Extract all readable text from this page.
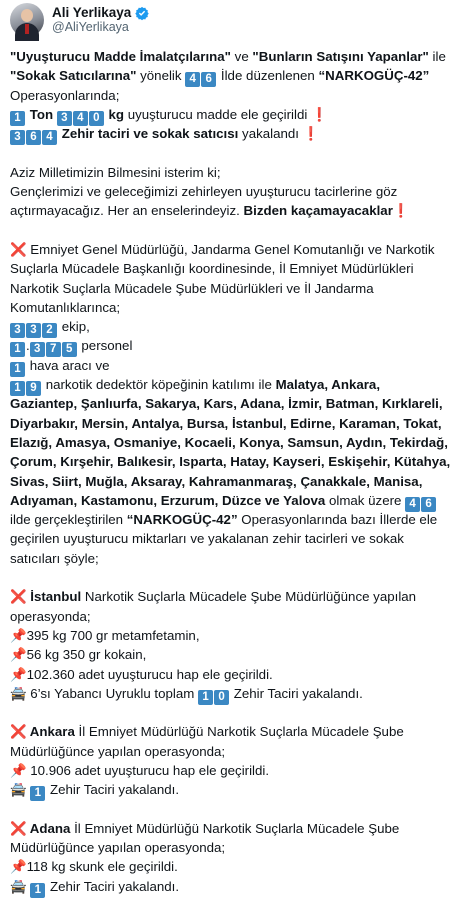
Ali Yerlikaya
@AliYerlikaya
"Uyuşturucu Madde İmalatçılarına" ve "Bunların Satışını Yapanlar" ile
"Sokak Satıcılarına" yönelik 4 6 İlde düzenlenen “NARKOGÜÇ-42”
Operasyonlarında;
1 Ton 3 4 0 kg uyuşturucu madde ele geçirildi ❗
3 6 4 Zehir taciri ve sokak satıcısı yakalandı ❗
Aziz Milletimizin Bilmesini isterim ki;
Gençlerimizi ve geleceğimizi zehirleyen uyuşturucu tacirlerine göz
açtırmayacağız. Her an enselerindeyiz. Bizden kaçamayacaklar❗
❌ Emniyet Genel Müdürlüğü, Jandarma Genel Komutanlığı ve Narkotik
Suçlarla Mücadele Başkanlığı koordinesinde, İl Emniyet Müdürlükleri
Narkotik Suçlarla Mücadele Şube Müdürlükleri ve İl Jandarma
Komutanlıklarınca;
3 3 2 ekip,
1 . 3 7 5 personel
1 hava aracı ve
1 9 narkotik dedektör köpeğinin katılımı ile Malatya, Ankara,
Gaziantep, Şanlıurfa, Sakarya, Kars, Adana, İzmir, Batman, Kırklareli,
Diyarbakır, Mersin, Antalya, Bursa, İstanbul, Edirne, Karaman, Tokat,
Elazığ, Amasya, Osmaniye, Kocaeli, Konya, Samsun, Aydın, Tekirdağ,
Çorum, Kırşehir, Balıkesir, Isparta, Hatay, Kayseri, Eskişehir, Kütahya,
Sivas, Siirt, Muğla, Aksaray, Kahramanmaraş, Çanakkale, Manisa,
Adıyaman, Kastamonu, Erzurum, Düzce ve Yalova olmak üzere 4 6
ilde gerçekleştirilen “NARKOGÜÇ-42” Operasyonlarında bazı İllerde ele
geçirilen uyuşturucu miktarları ve yakalanan zehir tacirleri ve sokak
satıcıları şöyle;
❌ İstanbul Narkotik Suçlarla Mücadele Şube Müdürlüğünce yapılan
operasyonda;
📌395 kg 700 gr metamfetamin,
📌56 kg 350 gr kokain,
📌102.360 adet uyuşturucu hap ele geçirildi.
🚔 6’sı Yabancı Uyruklu toplam 1 0 Zehir Taciri yakalandı.
❌ Ankara İl Emniyet Müdürlüğü Narkotik Suçlarla Mücadele Şube
Müdürlüğünce yapılan operasyonda;
📌 10.906 adet uyuşturucu hap ele geçirildi.
🚔 1 Zehir Taciri yakalandı.
❌ Adana İl Emniyet Müdürlüğü Narkotik Suçlarla Mücadele Şube
Müdürlüğünce yapılan operasyonda;
📌118 kg skunk ele geçirildi.
🚔 1 Zehir Taciri yakalandı.
